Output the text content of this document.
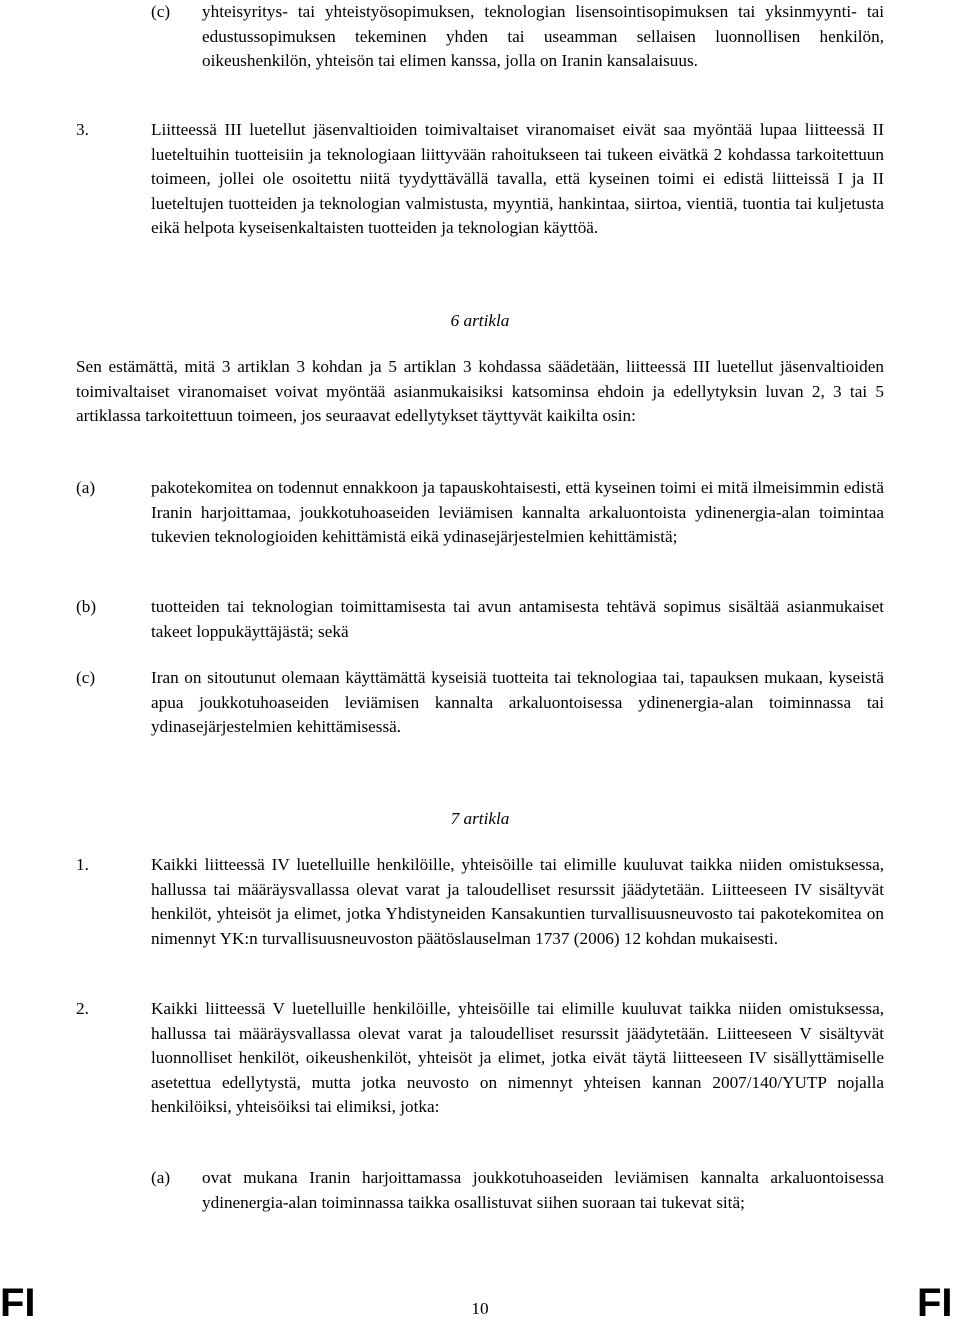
(c) yhteisyritys- tai yhteistyösopimuksen, teknologian lisensointisopimuksen tai yksinmyynti- tai edustussopimuksen tekeminen yhden tai useamman sellaisen luonnollisen henkilön, oikeushenkilön, yhteisön tai elimen kanssa, jolla on Iranin kansalaisuus.

3.	Liitteessä III luetellut jäsenvaltioiden toimivaltaiset viranomaiset eivät saa myöntää lupaa liitteessä II lueteltuihin tuotteisiin ja teknologiaan liittyvään rahoitukseen tai tukeen eivätkä 2 kohdassa tarkoitettuun toimeen, jollei ole osoitettu niitä tyydyttävällä tavalla, että kyseinen toimi ei edistä liitteissä I ja II lueteltujen tuotteiden ja teknologian valmistusta, myyntiä, hankintaa, siirtoa, vientiä, tuontia tai kuljetusta eikä helpota kyseisenkaltaisten tuotteiden ja teknologian käyttöä.

6 artikla

Sen estämättä, mitä 3 artiklan 3 kohdan ja 5 artiklan 3 kohdassa säädetään, liitteessä III luetellut jäsenvaltioiden toimivaltaiset viranomaiset voivat myöntää asianmukaisiksi katsominsa ehdoin ja edellytyksin luvan 2, 3 tai 5 artiklassa tarkoitettuun toimeen, jos seuraavat edellytykset täyttyvät kaikilta osin:

(a)	pakotekomitea on todennut ennakkoon ja tapauskohtaisesti, että kyseinen toimi ei mitä ilmeisimmin edistä Iranin harjoittamaa, joukkotuhoaseiden leviämisen kannalta arkaluontoista ydinenergia-alan toimintaa tukevien teknologioiden kehittämistä eikä ydinasejärjestelmien kehittämistä;

(b)	tuotteiden tai teknologian toimittamisesta tai avun antamisesta tehtävä sopimus sisältää asianmukaiset takeet loppukäyttäjästä; sekä

(c)	Iran on sitoutunut olemaan käyttämättä kyseisiä tuotteita tai teknologiaa tai, tapauksen mukaan, kyseistä apua joukkotuhoaseiden leviämisen kannalta arkaluontoisessa ydinenergia-alan toiminnassa tai ydinasejärjestelmien kehittämisessä.

7 artikla

1.	Kaikki liitteessä IV luetelluille henkilöille, yhteisöille tai elimille kuuluvat taikka niiden omistuksessa, hallussa tai määräysvallassa olevat varat ja taloudelliset resurssit jäädytetään. Liitteeseen IV sisältyvät henkilöt, yhteisöt ja elimet, jotka Yhdistyneiden Kansakuntien turvallisuusneuvosto tai pakotekomitea on nimennyt YK:n turvallisuusneuvoston päätöslauselman 1737 (2006) 12 kohdan mukaisesti.

2.	Kaikki liitteessä V luetelluille henkilöille, yhteisöille tai elimille kuuluvat taikka niiden omistuksessa, hallussa tai määräysvallassa olevat varat ja taloudelliset resurssit jäädytetään. Liitteeseen V sisältyvät luonnolliset henkilöt, oikeushenkilöt, yhteisöt ja elimet, jotka eivät täytä liitteeseen IV sisällyttämiselle asetettua edellytystä, mutta jotka neuvosto on nimennyt yhteisen kannan 2007/140/YUTP nojalla henkilöiksi, yhteisöiksi tai elimiksi, jotka:

(a) ovat mukana Iranin harjoittamassa joukkotuhoaseiden leviämisen kannalta arkaluontoisessa ydinenergia-alan toiminnassa taikka osallistuvat siihen suoraan tai tukevat sitä;

FI	10	FI
